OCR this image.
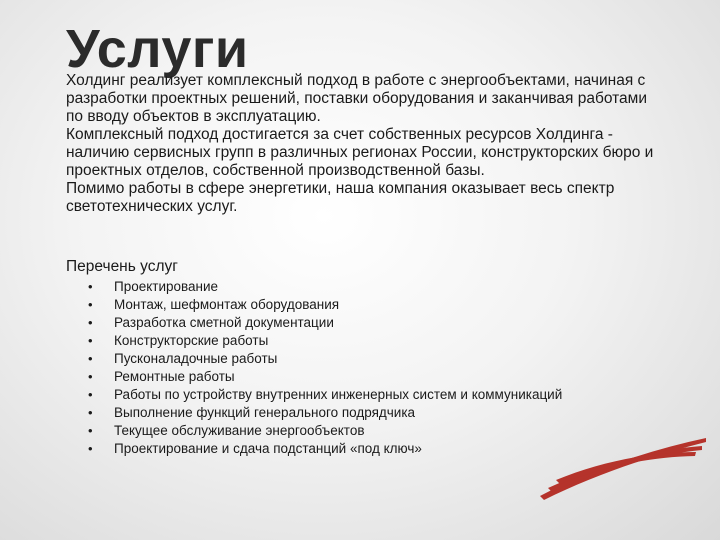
Услуги

Холдинг реализует комплексный подход в работе с энергообъектами, начиная с разработки проектных решений, поставки оборудования и заканчивая работами по вводу объектов в эксплуатацию.

Комплексный подход достигается за счет собственных ресурсов Холдинга - наличию сервисных групп в различных регионах России, конструкторских бюро и проектных отделов, собственной производственной базы.

Помимо работы в сфере энергетики, наша компания оказывает весь спектр светотехнических услуг.

Перечень услуг

• Проектирование
• Монтаж, шефмонтаж оборудования
• Разработка сметной документации
• Конструкторские работы
• Пусконаладочные работы
• Ремонтные работы
• Работы по устройству внутренних инженерных систем и коммуникаций
• Выполнение функций генерального подрядчика
• Текущее обслуживание энергообъектов
• Проектирование и сдача подстанций «под ключ»
